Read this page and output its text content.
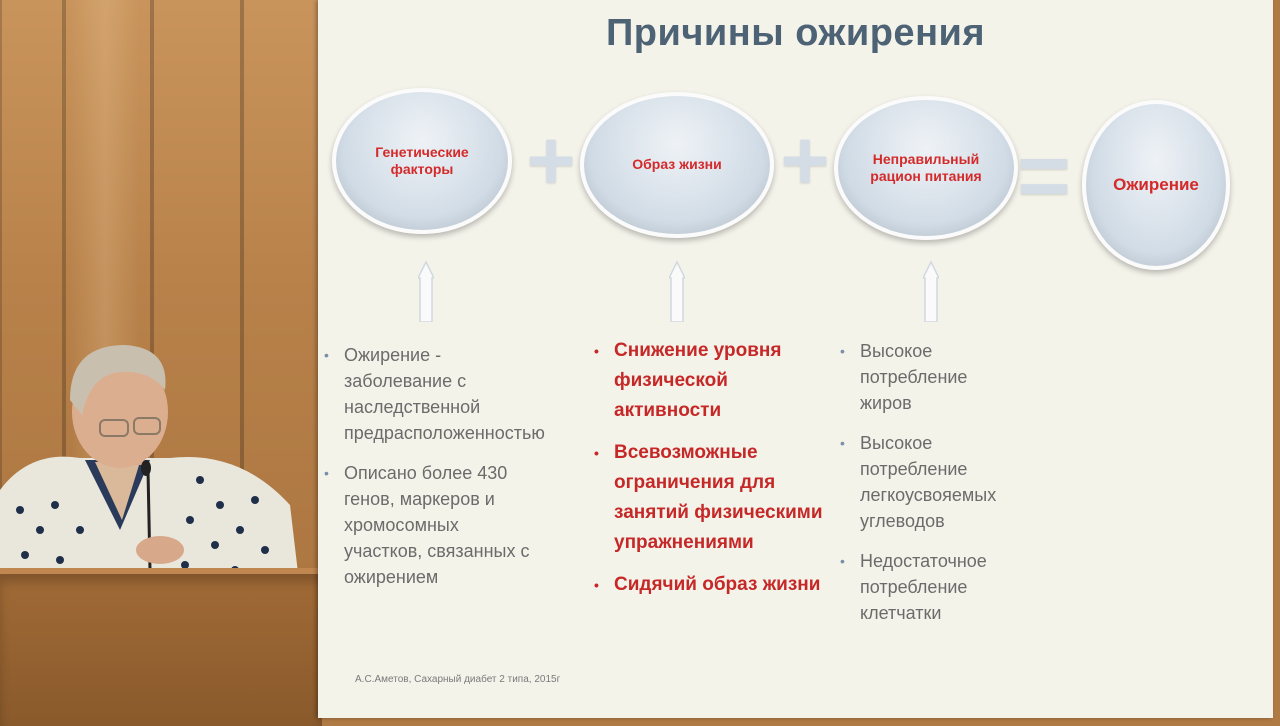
Причины ожирения
Генетические факторы	Образ жизни	Неправильный рацион питания	Ожирение
+ + =
• Ожирение - заболевание с наследственной предрасположенностью
• Описано более 430 генов, маркеров и хромосомных участков, связанных с ожирением
• Снижение уровня физической активности
• Всевозможные ограничения для занятий физическими упражнениями
• Сидячий образ жизни
• Высокое потребление жиров
• Высокое потребление легкоусвояемых углеводов
• Недостаточное потребление клетчатки
А.С.Аметов, Сахарный диабет 2 типа, 2015г
